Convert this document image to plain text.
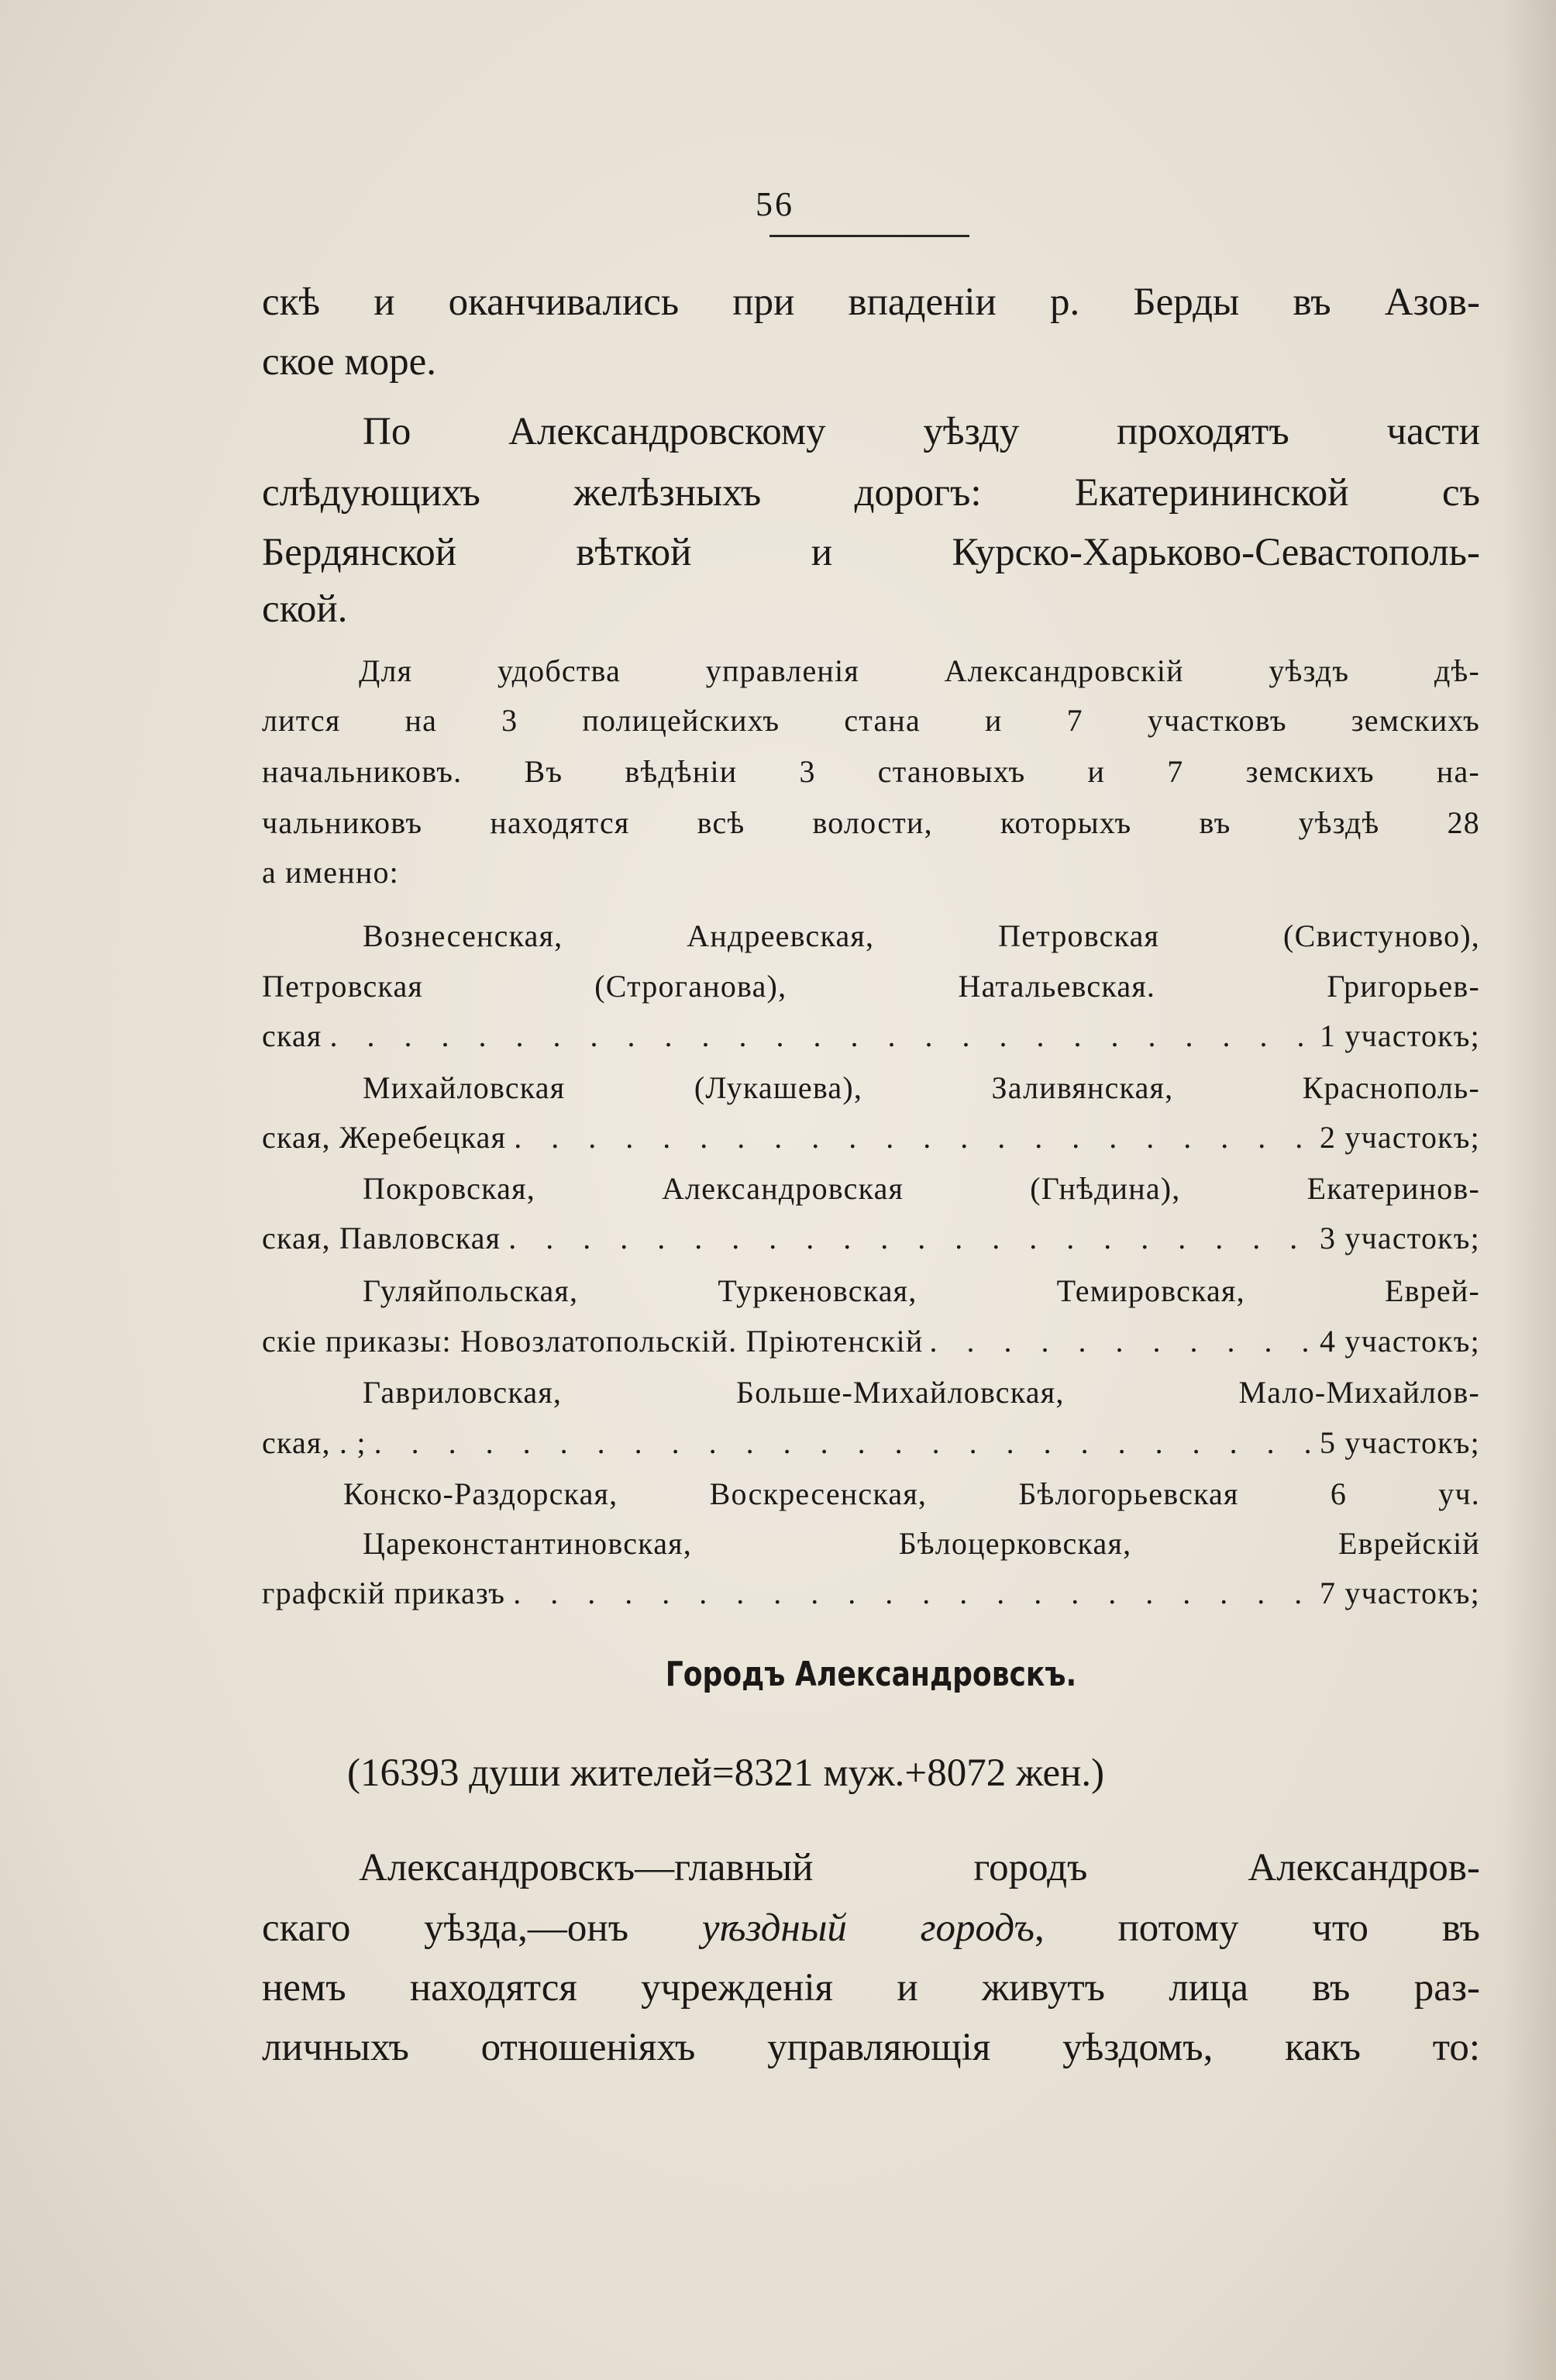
56
скѣ и оканчивались при впаденіи р. Берды въ Азов-
ское море.
По Александровскому уѣзду проходятъ части
слѣдующихъ желѣзныхъ дорогъ: Екатерининской съ
Бердянской вѣткой и Курско-Харьково-Севастополь-
ской.
Для удобства управленія Александровскій уѣздъ дѣ-
лится на 3 полицейскихъ стана и 7 участковъ земскихъ
начальниковъ. Въ вѣдѣніи 3 становыхъ и 7 земскихъ на-
чальниковъ находятся всѣ волости, которыхъ въ уѣздѣ 28
а именно:
Вознесенская, Андреевская, Петровская (Свистуново),
Петровская (Строганова), Натальевская. Григорьев-
ская . . .	1 участокъ;
Михайловская (Лукашева), Заливянская, Краснополь-
ская, Жеребецкая . . .	2 участокъ;
Покровская, Александровская (Гнѣдина), Екатеринов-
ская, Павловская . . .	3 участокъ;
Гуляйпольская, Туркеновская, Темировская, Еврей-
скіе приказы: Новозлатопольскій. Пріютенскій . . .	4 участокъ;
Гавриловская, Больше-Михайловская, Мало-Михайлов-
ская, . ; . . .	5 участокъ;
Конско-Раздорская, Воскресенская, Бѣлогорьевская 6 уч.
Цареконстантиновская, Бѣлоцерковская, Еврейскій
графскій приказъ . . .	7 участокъ;
Городъ Александровскъ.
(16393 души жителей=8321 муж.+8072 жен.)
Александровскъ—главный городъ Александров-
скаго уѣзда,—онъ уѣздный городъ, потому что въ
немъ находятся учрежденія и живутъ лица въ раз-
личныхъ отношеніяхъ управляющія уѣздомъ, какъ то:
